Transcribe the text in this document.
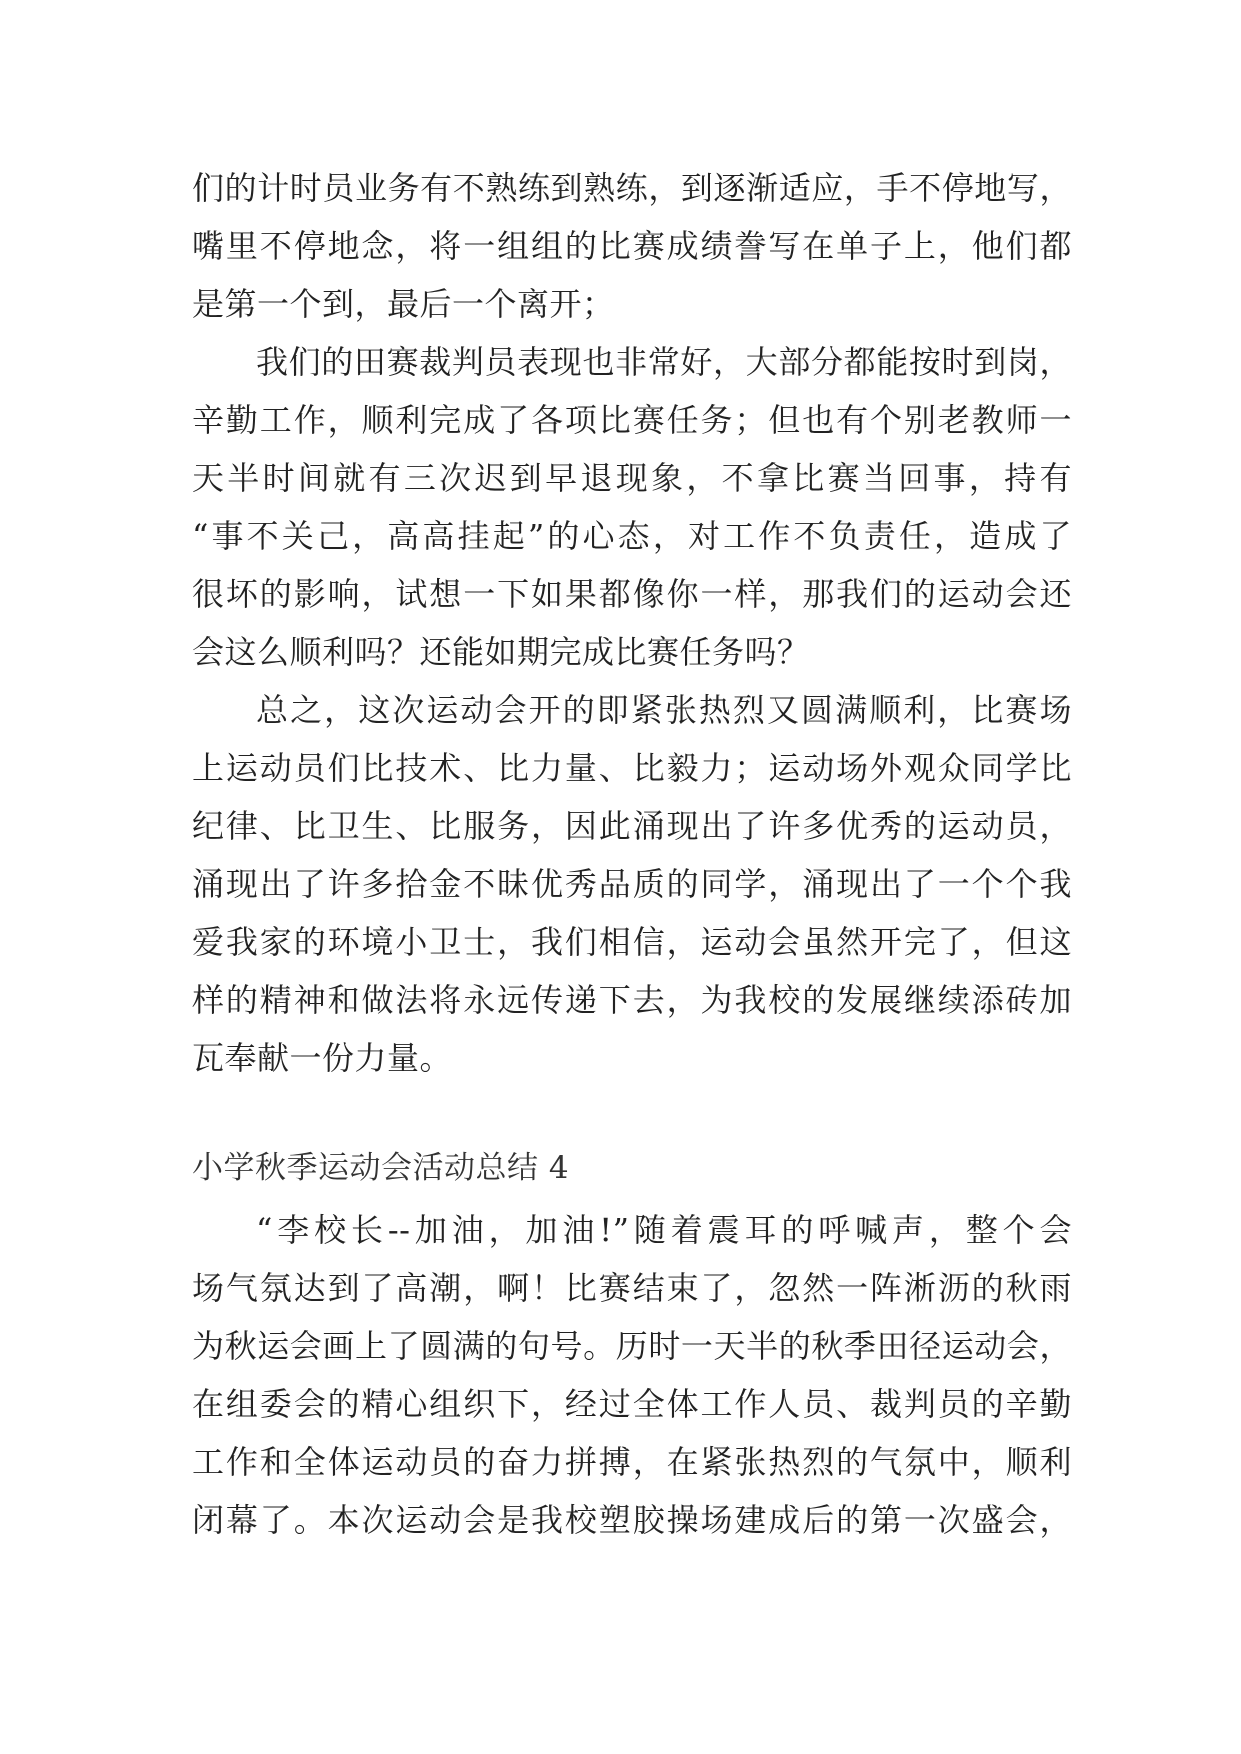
们的计时员业务有不熟练到熟练，到逐渐适应，手不停地写，
嘴里不停地念，将一组组的比赛成绩誊写在单子上，他们都
是第一个到，最后一个离开；
我们的田赛裁判员表现也非常好，大部分都能按时到岗，
辛勤工作，顺利完成了各项比赛任务；但也有个别老教师一
天半时间就有三次迟到早退现象，不拿比赛当回事，持有
“事不关己，高高挂起”的心态，对工作不负责任，造成了
很坏的影响，试想一下如果都像你一样，那我们的运动会还
会这么顺利吗？还能如期完成比赛任务吗？
总之，这次运动会开的即紧张热烈又圆满顺利，比赛场
上运动员们比技术、比力量、比毅力；运动场外观众同学比
纪律、比卫生、比服务，因此涌现出了许多优秀的运动员，
涌现出了许多拾金不昧优秀品质的同学，涌现出了一个个我
爱我家的环境小卫士，我们相信，运动会虽然开完了，但这
样的精神和做法将永远传递下去，为我校的发展继续添砖加
瓦奉献一份力量。
小学秋季运动会活动总结 4
“李校长--加油，加油!”随着震耳的呼喊声，整个会
场气氛达到了高潮，啊！比赛结束了，忽然一阵淅沥的秋雨
为秋运会画上了圆满的句号。历时一天半的秋季田径运动会，
在组委会的精心组织下，经过全体工作人员、裁判员的辛勤
工作和全体运动员的奋力拼搏，在紧张热烈的气氛中，顺利
闭幕了。本次运动会是我校塑胶操场建成后的第一次盛会，
